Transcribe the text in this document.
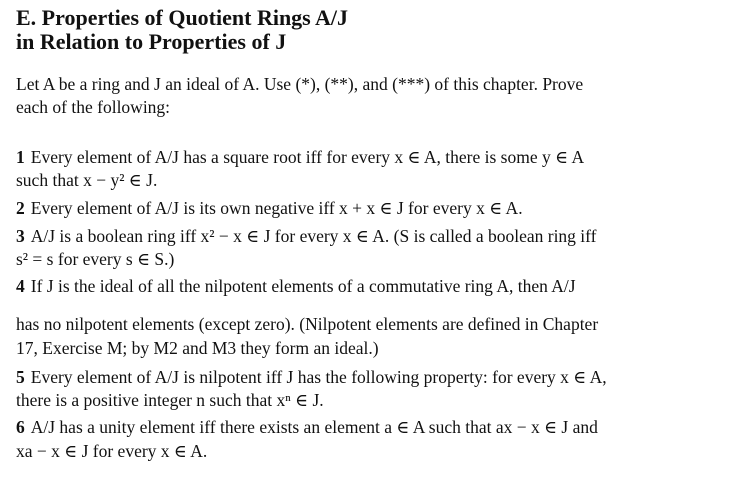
E. Properties of Quotient Rings A/J
in Relation to Properties of J
Let A be a ring and J an ideal of A. Use (*), (**), and (***) of this chapter. Prove
each of the following:
1 Every element of A/J has a square root iff for every x ∈ A, there is some y ∈ A
such that x − y² ∈ J.
2 Every element of A/J is its own negative iff x + x ∈ J for every x ∈ A.
3 A/J is a boolean ring iff x² − x ∈ J for every x ∈ A. (S is called a boolean ring iff
s² = s for every s ∈ S.)
4 If J is the ideal of all the nilpotent elements of a commutative ring A, then A/J
has no nilpotent elements (except zero). (Nilpotent elements are defined in Chapter
17, Exercise M; by M2 and M3 they form an ideal.)
5 Every element of A/J is nilpotent iff J has the following property: for every x ∈ A,
there is a positive integer n such that xⁿ ∈ J.
6 A/J has a unity element iff there exists an element a ∈ A such that ax − x ∈ J and
xa − x ∈ J for every x ∈ A.
